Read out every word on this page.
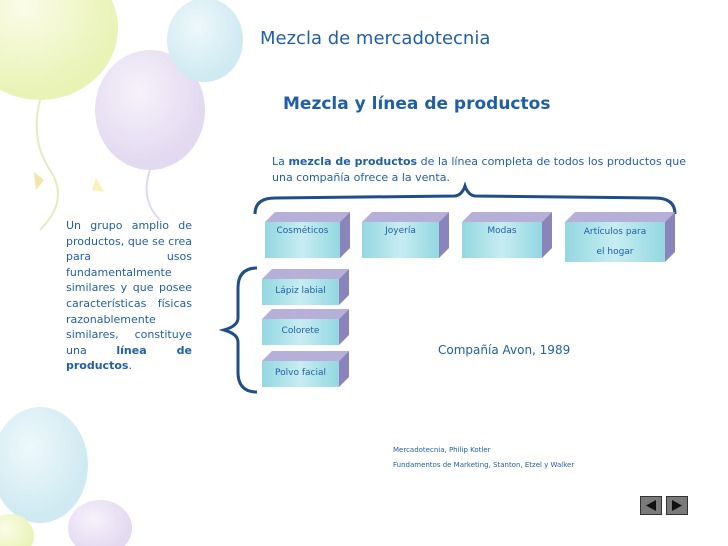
Mezcla de mercadotecnia
Mezcla y línea de productos
La mezcla de productos de la línea completa de todos los productos que una compañía ofrece a la venta.
Un grupo amplio de productos, que se crea para usos fundamentalmente similares y que posee características físicas razonablemente similares, constituye una línea de productos.
Cosméticos	Joyería	Modas	Artículos para el hogar
Lápiz labial
Colorete
Polvo facial
Compañía Avon, 1989
Mercadotecnia, Philip Kotler
Fundamentos de Marketing, Stanton, Etzel y Walker
